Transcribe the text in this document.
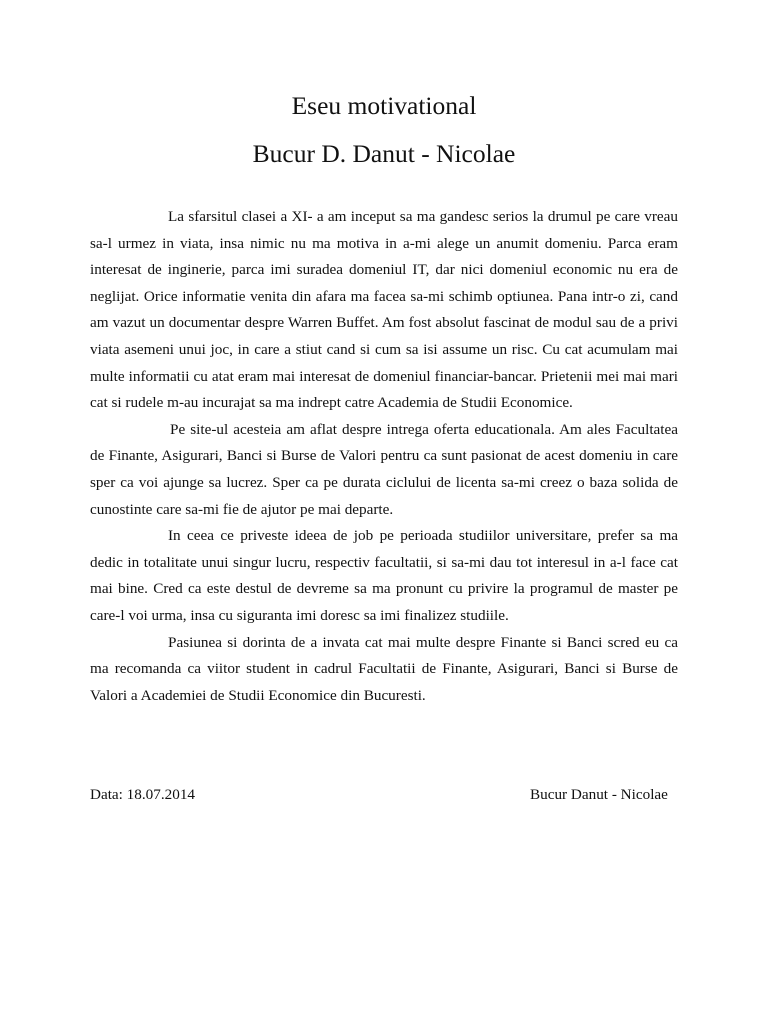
Eseu motivational
Bucur D. Danut - Nicolae

La sfarsitul clasei a XI- a am inceput sa ma gandesc serios la drumul pe care vreau sa-l urmez in viata, insa nimic nu ma motiva in a-mi alege un anumit domeniu. Parca eram interesat de inginerie, parca imi suradea domeniul IT, dar nici domeniul economic nu era de neglijat. Orice informatie venita din afara ma facea sa-mi schimb optiunea. Pana intr-o zi, cand am vazut un documentar despre Warren Buffet. Am fost absolut fascinat de modul sau de a privi viata asemeni unui joc, in care a stiut cand si cum sa isi assume un risc. Cu cat acumulam mai multe informatii cu atat eram mai interesat de domeniul financiar-bancar. Prietenii mei mai mari cat si rudele m-au incurajat sa ma indrept catre Academia de Studii Economice.

Pe site-ul acesteia am aflat despre intrega oferta educationala. Am ales Facultatea de Finante, Asigurari, Banci si Burse de Valori pentru ca sunt pasionat de acest domeniu in care sper ca voi ajunge sa lucrez. Sper ca pe durata ciclului de licenta sa-mi creez o baza solida de cunostinte care sa-mi fie de ajutor pe mai departe.

In ceea ce priveste ideea de job pe perioada studiilor universitare, prefer sa ma dedic in totalitate unui singur lucru, respectiv facultatii, si sa-mi dau tot interesul in a-l face cat mai bine. Cred ca este destul de devreme sa ma pronunt cu privire la programul de master pe care-l voi urma, insa cu siguranta imi doresc sa imi finalizez studiile.

Pasiunea si dorinta de a invata cat mai multe despre Finante si Banci scred eu ca ma recomanda ca viitor student in cadrul Facultatii de Finante, Asigurari, Banci si Burse de Valori a Academiei de Studii Economice din Bucuresti.

Data: 18.07.2014	Bucur Danut - Nicolae
